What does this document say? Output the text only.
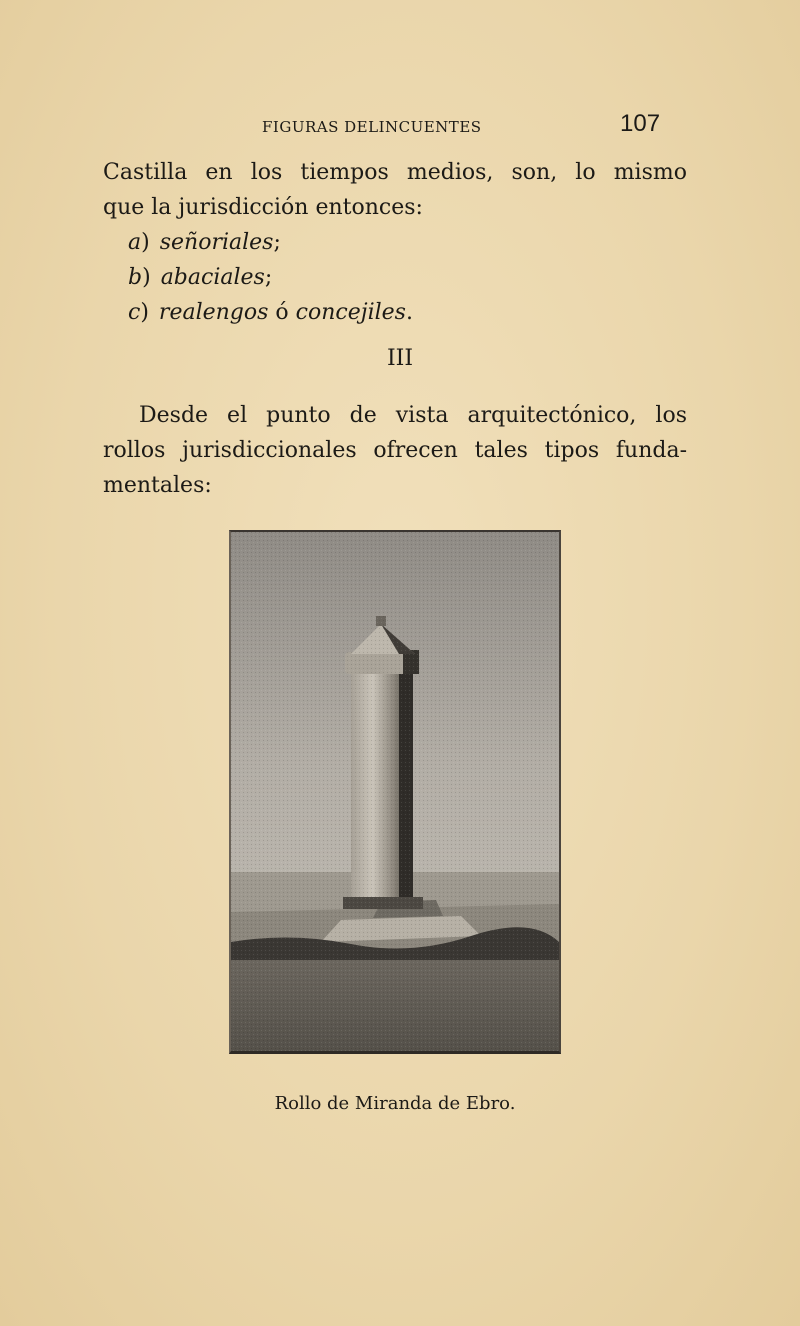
FIGURAS DELINCUENTES	107
Castilla en los tiempos medios, son, lo mismo
que la jurisdicción entonces:
a) señoriales;
b) abaciales;
c) realengos ó concejiles.
III
Desde el punto de vista arquitectónico, los
rollos jurisdiccionales ofrecen tales tipos funda-
mentales:
Rollo de Miranda de Ebro.
